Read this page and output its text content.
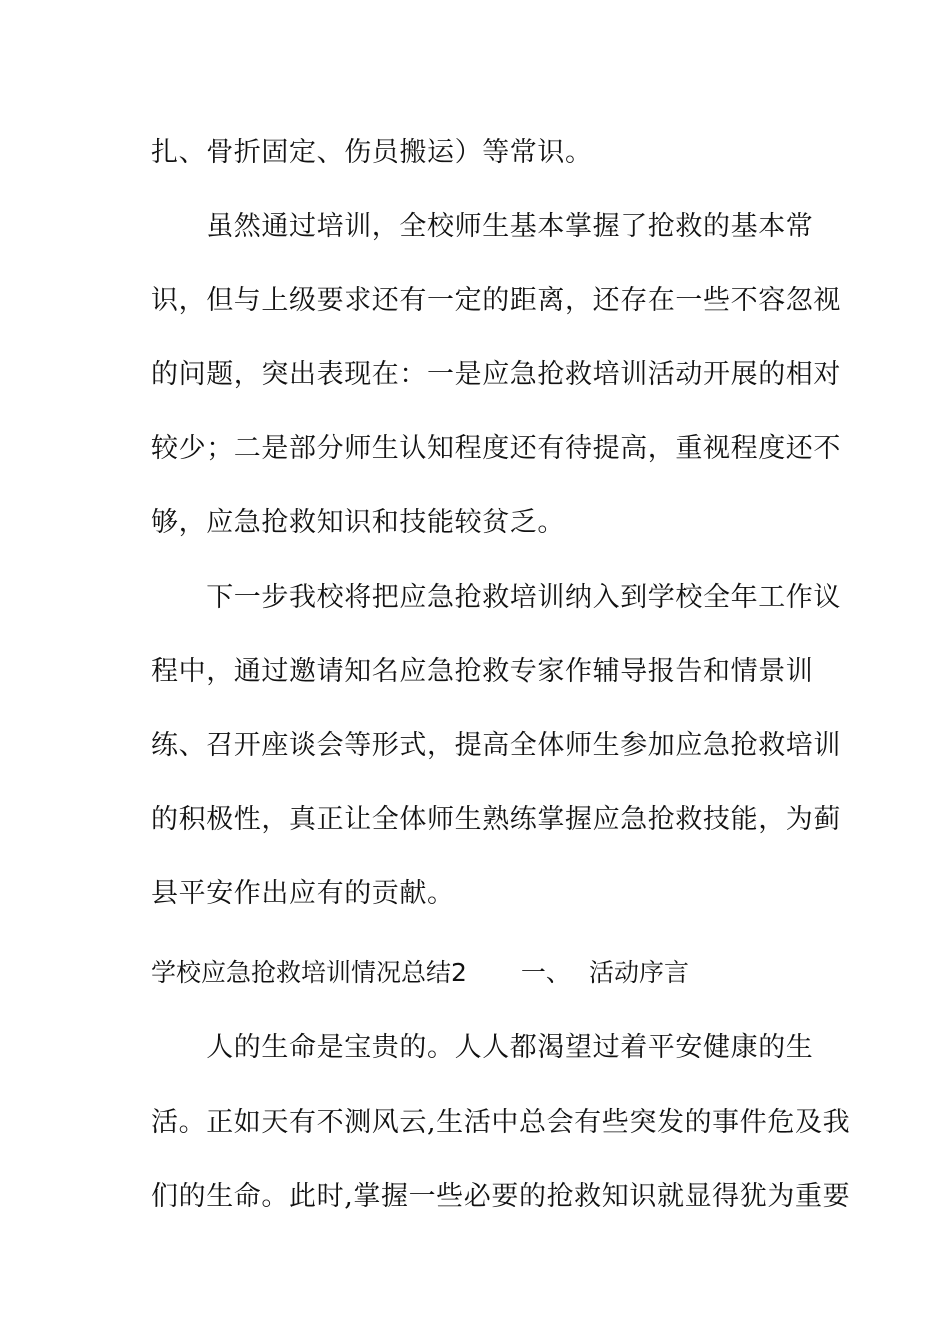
扎、骨折固定、伤员搬运）等常识。
　　虽然通过培训，全校师生基本掌握了抢救的基本常
识，但与上级要求还有一定的距离，还存在一些不容忽视
的问题，突出表现在：一是应急抢救培训活动开展的相对
较少；二是部分师生认知程度还有待提高，重视程度还不
够，应急抢救知识和技能较贫乏。
　　下一步我校将把应急抢救培训纳入到学校全年工作议
程中，通过邀请知名应急抢救专家作辅导报告和情景训
练、召开座谈会等形式，提高全体师生参加应急抢救培训
的积极性，真正让全体师生熟练掌握应急抢救技能，为蓟
县平安作出应有的贡献。
学校应急抢救培训情况总结2 一、 活动序言
　　人的生命是宝贵的。人人都渴望过着平安健康的生
活。正如天有不测风云,生活中总会有些突发的事件危及我
们的生命。此时,掌握一些必要的抢救知识就显得犹为重要
